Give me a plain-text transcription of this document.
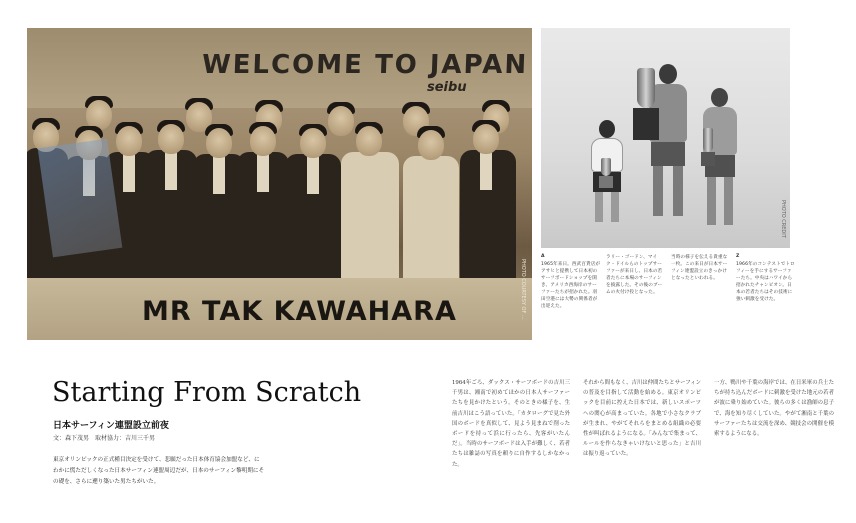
WELCOME TO JAPAN
seibu
MR TAK KAWAHARA	PHOTO COURTESY OF ...
PHOTO CREDIT
A
1965年来日。西武百貨店がアサヒと提携して日本初のサーフボードショップを開き、アメリカ西海岸のサーファーたちが招かれた。羽田空港には大勢の関係者が出迎えた。
ラリー・ゴードン、マイク・ドイルらのトップサーファーが来日し、日本の若者たちに本場のサーフィンを披露した。その後のブームの火付け役となった。
当時の様子を伝える貴重な一枚。この来日が日本サーフィン連盟設立のきっかけとなったといわれる。
Z
1966年のコンテストでトロフィーを手にするサーファーたち。中央はハワイから招かれたチャンピオン。日本の若者たちはその技術に強い刺激を受けた。
Starting From Scratch
日本サーフィン連盟設立前夜
文：森下茂男　取材協力：吉川三千男
東京オリンピックの正式種目決定を受けて、悲願だった日本体育協会加盟など、にわかに慌ただしくなった日本サーフィン連盟周辺だが、日本のサーフィン黎明期にその礎を、さらに遡り築いた男たちがいた。
1964年ごろ、ダックス・サーフボードの吉川三千男は、湘南で初めてほかの日本人サーファーたちを見かけたという。そのときの様子を、生前吉川はこう語っていた。「カタローグで見た外国のボードを真似して、見よう見まねで削ったボードを持って浜に行ったら、先客がいたんだ」。当時のサーフボードは入手が難しく、若者たちは雑誌の写真を頼りに自作するしかなかった。
それから間もなく、吉川は仲間たちとサーフィンの普及を目指して活動を始める。東京オリンピックを目前に控えた日本では、新しいスポーツへの関心が高まっていた。各地で小さなクラブが生まれ、やがてそれらをまとめる組織の必要性が叫ばれるようになる。「みんなで集まって、ルールを作らなきゃいけないと思った」と吉川は振り返っていた。
一方、鴨川や千葉の海岸では、在日米軍の兵士たちが持ち込んだボードに刺激を受けた地元の若者が波に乗り始めていた。彼らの多くは漁師の息子で、海を知り尽くしていた。やがて湘南と千葉のサーファーたちは交流を深め、競技会の開催を模索するようになる。
